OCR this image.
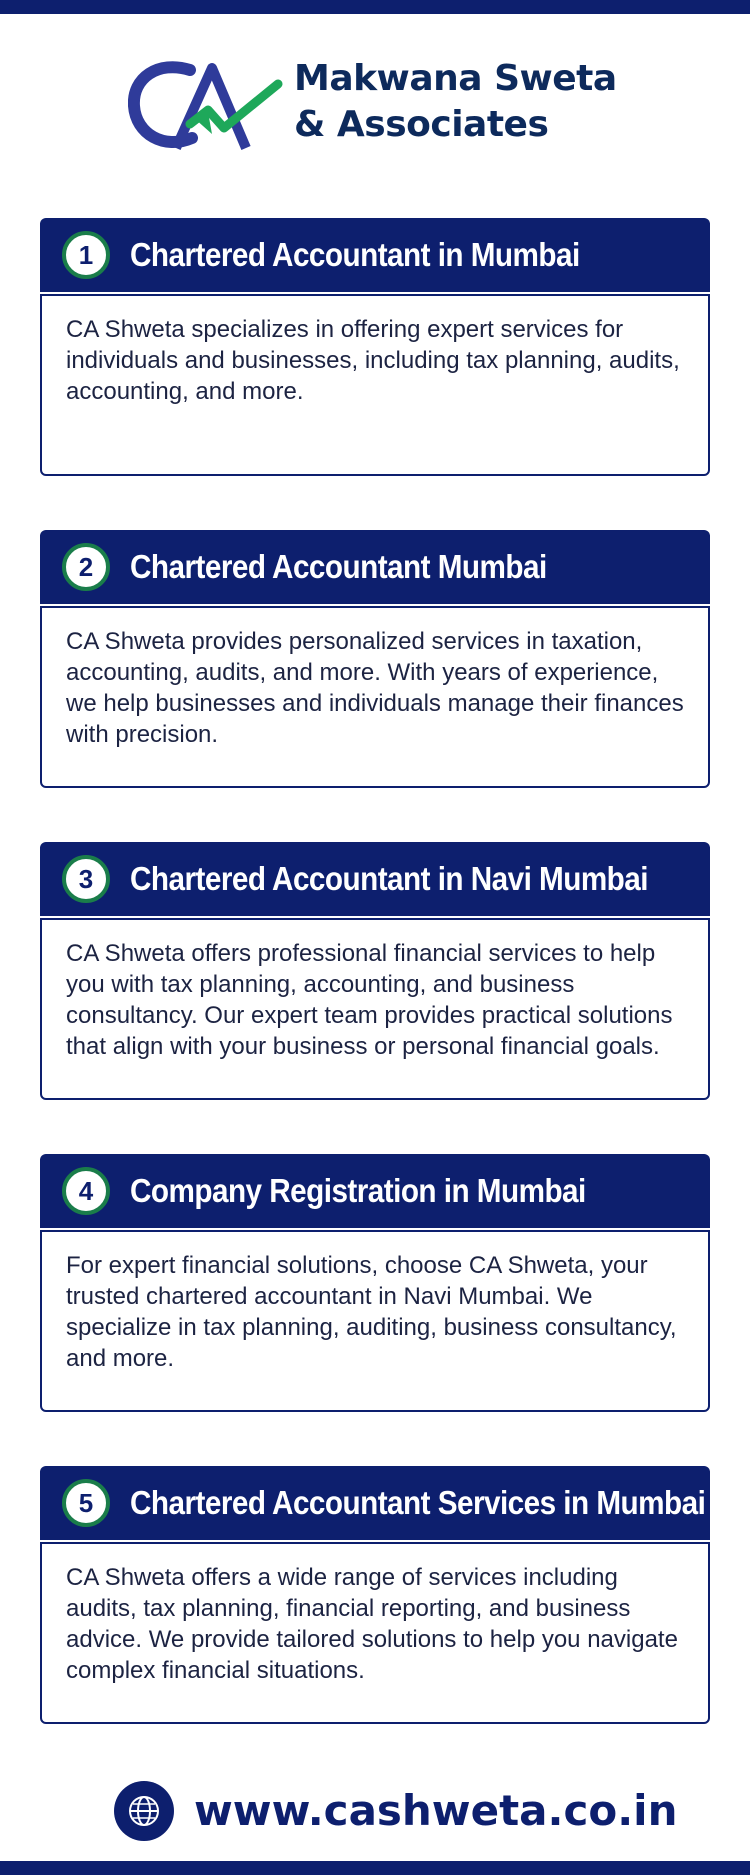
Makwana Sweta
& Associates
1	Chartered Accountant in Mumbai
CA Shweta specializes in offering expert services for individuals and businesses, including tax planning, audits, accounting, and more.
2	Chartered Accountant Mumbai
CA Shweta provides personalized services in taxation, accounting, audits, and more. With years of experience, we help businesses and individuals manage their finances with precision.
3	Chartered Accountant in Navi Mumbai
CA Shweta offers professional financial services to help you with tax planning, accounting, and business consultancy. Our expert team provides practical solutions that align with your business or personal financial goals.
4	Company Registration in Mumbai
For expert financial solutions, choose CA Shweta, your trusted chartered accountant in Navi Mumbai. We specialize in tax planning, auditing, business consultancy, and more.
5	Chartered Accountant Services in Mumbai
CA Shweta offers a wide range of services including audits, tax planning, financial reporting, and business advice. We provide tailored solutions to help you navigate complex financial situations.
www.cashweta.co.in
